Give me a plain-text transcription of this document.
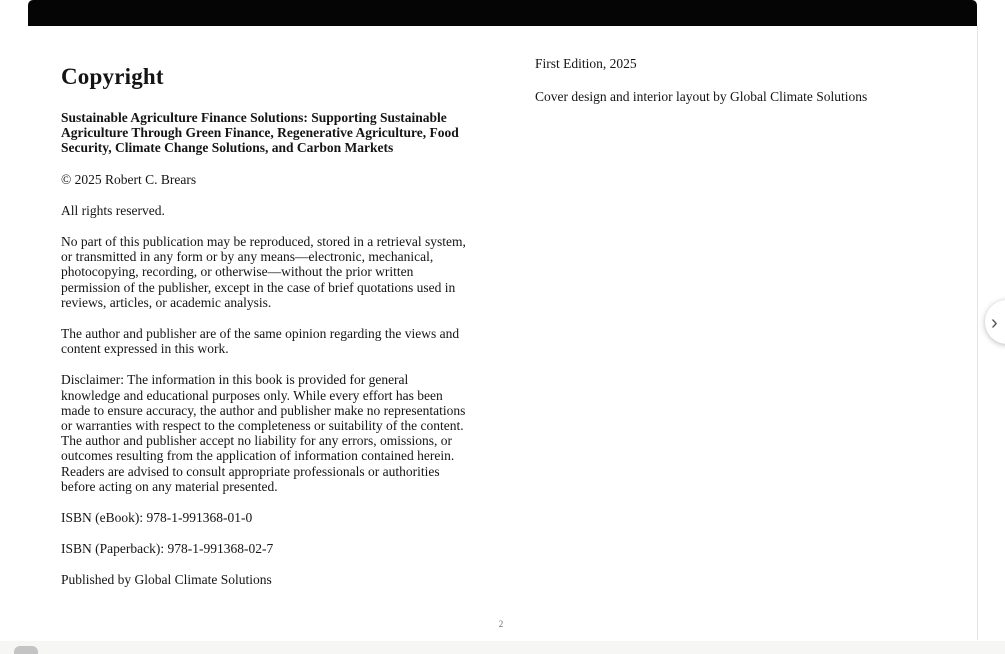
Copyright

Sustainable Agriculture Finance Solutions: Supporting Sustainable Agriculture Through Green Finance, Regenerative Agriculture, Food Security, Climate Change Solutions, and Carbon Markets

© 2025 Robert C. Brears

All rights reserved.

No part of this publication may be reproduced, stored in a retrieval system, or transmitted in any form or by any means—electronic, mechanical, photocopying, recording, or otherwise—without the prior written permission of the publisher, except in the case of brief quotations used in reviews, articles, or academic analysis.

The author and publisher are of the same opinion regarding the views and content expressed in this work.

Disclaimer: The information in this book is provided for general knowledge and educational purposes only. While every effort has been made to ensure accuracy, the author and publisher make no representations or warranties with respect to the completeness or suitability of the content. The author and publisher accept no liability for any errors, omissions, or outcomes resulting from the application of information contained herein. Readers are advised to consult appropriate professionals or authorities before acting on any material presented.

ISBN (eBook): 978-1-991368-01-0

ISBN (Paperback): 978-1-991368-02-7

Published by Global Climate Solutions

First Edition, 2025

Cover design and interior layout by Global Climate Solutions

2
›
